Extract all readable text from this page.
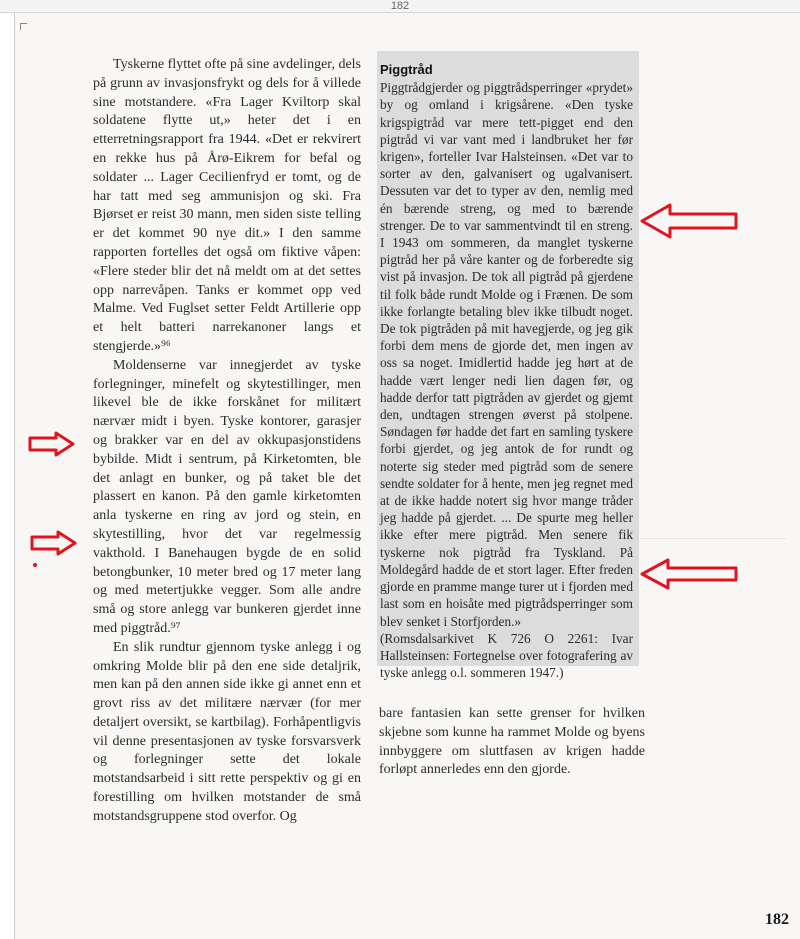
182

Tyskerne flyttet ofte på sine avdelinger, dels på grunn av invasjonsfrykt og dels for å villede sine motstandere. «Fra Lager Kviltorp skal soldatene flytte ut,» heter det i en etterretningsrapport fra 1944. «Det er rekvirert en rekke hus på Årø-Eikrem for befal og soldater ... Lager Cecilienfryd er tomt, og de har tatt med seg ammunisjon og ski. Fra Bjørset er reist 30 mann, men siden siste telling er det kommet 90 nye dit.» I den samme rapporten fortelles det også om fiktive våpen: «Flere steder blir det nå meldt om at det settes opp narrevåpen. Tanks er kommet opp ved Malme. Ved Fuglset setter Feldt Artillerie opp et helt batteri narrekanoner langs et stengjerde.»⁹⁶

Moldenserne var innegjerdet av tyske forlegninger, minefelt og skytestillinger, men likevel ble de ikke forskånet for militært nærvær midt i byen. Tyske kontorer, garasjer og brakker var en del av okkupasjonstidens bybilde. Midt i sentrum, på Kirketomten, ble det anlagt en bunker, og på taket ble det plassert en kanon. På den gamle kirketomten anla tyskerne en ring av jord og stein, en skytestilling, hvor det var regelmessig vakthold. I Banehaugen bygde de en solid betongbunker, 10 meter bred og 17 meter lang og med metertjukke vegger. Som alle andre små og store anlegg var bunkeren gjerdet inne med piggtråd.⁹⁷

En slik rundtur gjennom tyske anlegg i og omkring Molde blir på den ene side detaljrik, men kan på den annen side ikke gi annet enn et grovt riss av det militære nærvær (for mer detaljert oversikt, se kartbilag). Forhåpentligvis vil denne presentasjonen av tyske forsvarsverk og forlegninger sette det lokale motstandsarbeid i sitt rette perspektiv og gi en forestilling om hvilken motstander de små motstandsgruppene stod overfor. Og

Piggtråd

Piggtrådgjerder og piggtrådsperringer «prydet» by og omland i krigsårene. «Den tyske krigspigtråd var mere tett-pigget end den pigtråd vi var vant med i landbruket her før krigen», forteller Ivar Halsteinsen. «Det var to sorter av den, galvanisert og ugalvanisert. Dessuten var det to typer av den, nemlig med én bærende streng, og med to bærende strenger. De to var sammentvindt til en streng. I 1943 om sommeren, da manglet tyskerne pigtråd her på våre kanter og de forberedte sig vist på invasjon. De tok all pigtråd på gjerdene til folk både rundt Molde og i Frænen. De som ikke forlangte betaling blev ikke tilbudt noget. De tok pigtråden på mit havegjerde, og jeg gik forbi dem mens de gjorde det, men ingen av oss sa noget. Imidlertid hadde jeg hørt at de hadde vært lenger nedi lien dagen før, og hadde derfor tatt pigtråden av gjerdet og gjemt den, undtagen strengen øverst på stolpene. Søndagen før hadde det fart en samling tyskere forbi gjerdet, og jeg antok de for rundt og noterte sig steder med pigtråd som de senere sendte soldater for å hente, men jeg regnet med at de ikke hadde notert sig hvor mange tråder jeg hadde på gjerdet. ... De spurte meg heller ikke efter mere pigtråd. Men senere fik tyskerne nok pigtråd fra Tyskland. På Moldegård hadde de et stort lager. Efter freden gjorde en pramme mange turer ut i fjorden med last som en hoisåte med pigtrådsperringer som blev senket i Storfjorden.»

(Romsdalsarkivet K 726 O 2261: Ivar Hallsteinsen: Fortegnelse over fotografering av tyske anlegg o.l. sommeren 1947.)

bare fantasien kan sette grenser for hvilken skjebne som kunne ha rammet Molde og byens innbyggere om sluttfasen av krigen hadde forløpt annerledes enn den gjorde.

182
